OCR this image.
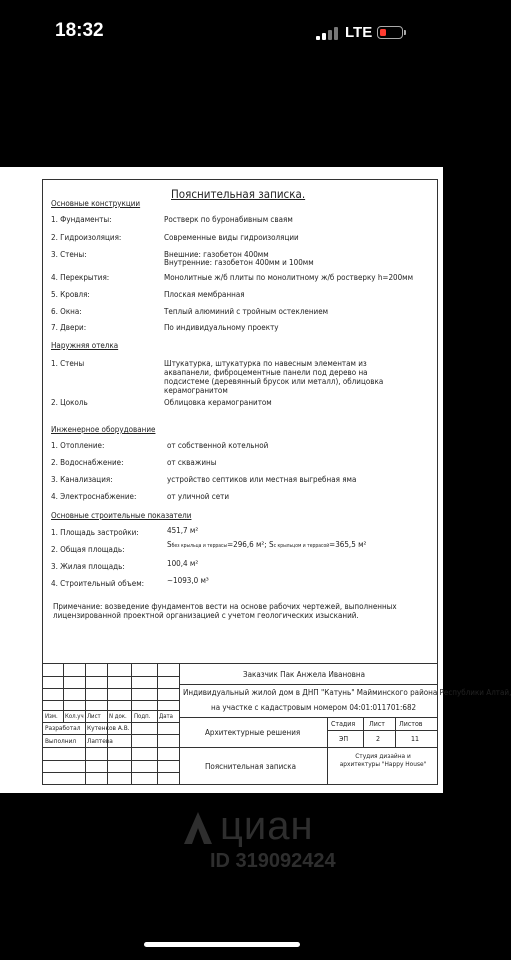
18:32	LTE
Пояснительная записка.
Основные конструкции
1. Фундаменты:	Ростверк по буронабивным сваям
2. Гидроизоляция:	Современные виды гидроизоляции
3. Стены:	Внешние: газобетон 400мм
Внутренние: газобетон 400мм и 100мм
4. Перекрытия:	Монолитные ж/б плиты по монолитному ж/б ростверку h=200мм
5. Кровля:	Плоская мембранная
6. Окна:	Теплый алюминий с тройным остеклением
7. Двери:	По индивидуальному проекту
Наружняя отелка
1. Стены	Штукатурка, штукатурка по навесным элементам из аквапанели, фиброцементные панели под дерево на подсистеме (деревянный брусок или металл), облицовка керамогранитом
2. Цоколь	Облицовка керамогранитом
Инженерное оборудование
1. Отопление:	от собственной котельной
2. Водоснабжение:	от скважины
3. Канализация:	устройство септиков или местная выгребная яма
4. Электроснабжение:	от уличной сети
Основные строительные показатели
1. Площадь застройки:	451,7 м²
2. Общая площадь:
Sбез крыльца и террасы=296,6 м²; Sс крыльцом и террасой=365,5 м²
3. Жилая площадь:	100,4 м²
4. Строительный объем:	~1093,0 м³
Примечание: возведение фундаментов вести на основе рабочих чертежей, выполненных лицензированной проектной организацией с учетом геологических изысканий.
Заказчик Пак Анжела Ивановна
Индивидуальный жилой дом в ДНП "Катунь" Майминского района Республики Алтай,
на участке с кадастровым номером 04:01:011701:682
Изм. Кол.уч Лист N док. Подп. Дата
Разработал Кутенков А.В.
Выполнил Лаптева
Архитектурные решения
Пояснительная записка
Стадия Лист Листов
ЭП	2	11
Студия дизайна и архитектуры "Happy House"
циан
ID 319092424
